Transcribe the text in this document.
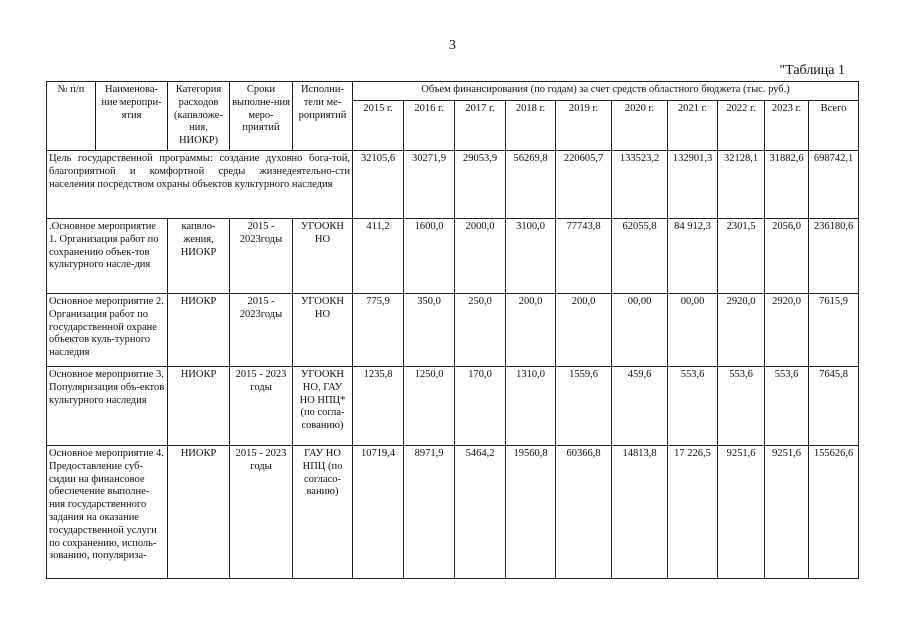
3
"Таблица 1
№ п/п	Наименова-ние меропри-ятия	Категория расходов (капвложе-ния, НИОКР)	Сроки выполне-ния меро-приятий	Исполни-тели ме-роприятий	Объем финансирования (по годам) за счет средств областного бюджета (тыс. руб.)									
					2015 г.	2016 г.	2017 г.	2018 г.	2019 г.	2020 г.	2021 г.	2022 г.	2023 г.	Всего
Цель государственной программы: создание духовно бога-той, благоприятной и комфортной среды жизнедеятельно-сти населения посредством охраны объектов культурного наследия					32105,6	30271,9	29053,9	56269,8	220605,7	133523,2	132901,3	32128,1	31882,6	698742,1
.Основное мероприятие 1. Организация работ по сохранению объек-тов культурного насле-дия		капвло-жения, НИОКР	2015 - 2023годы	УГООКН НО	411,2	1600,0	2000,0	3100,0	77743,8	62055,8	84 912,3	2301,5	2056,0	236180,6
Основное мероприятие 2. Организация работ по государственной охране объектов куль-турного наследия		НИОКР	2015 - 2023годы	УГООКН НО	775,9	350,0	250,0	200,0	200,0	00,00	00,00	2920,0	2920,0	7615,9
Основное мероприятие 3. Популяризация объ-ектов культурного наследия		НИОКР	2015 - 2023 годы	УГООКН НО, ГАУ НО НПЦ* (по согла-сованию)	1235,8	1250,0	170,0	1310,0	1559,6	459,6	553,6	553,6	553,6	7645,8
Основное мероприятие 4. Предоставление суб-сидии на финансовое обеспечение выполне-ния государственного задания на оказание государственной услуги по сохранению, исполь-зованию, популяриза-		НИОКР	2015 - 2023 годы	ГАУ НО НПЦ (по согласо-ванию)	10719,4	8971,9	5464,2	19560,8	60366,8	14813,8	17 226,5	9251,6	9251,6	155626,6
